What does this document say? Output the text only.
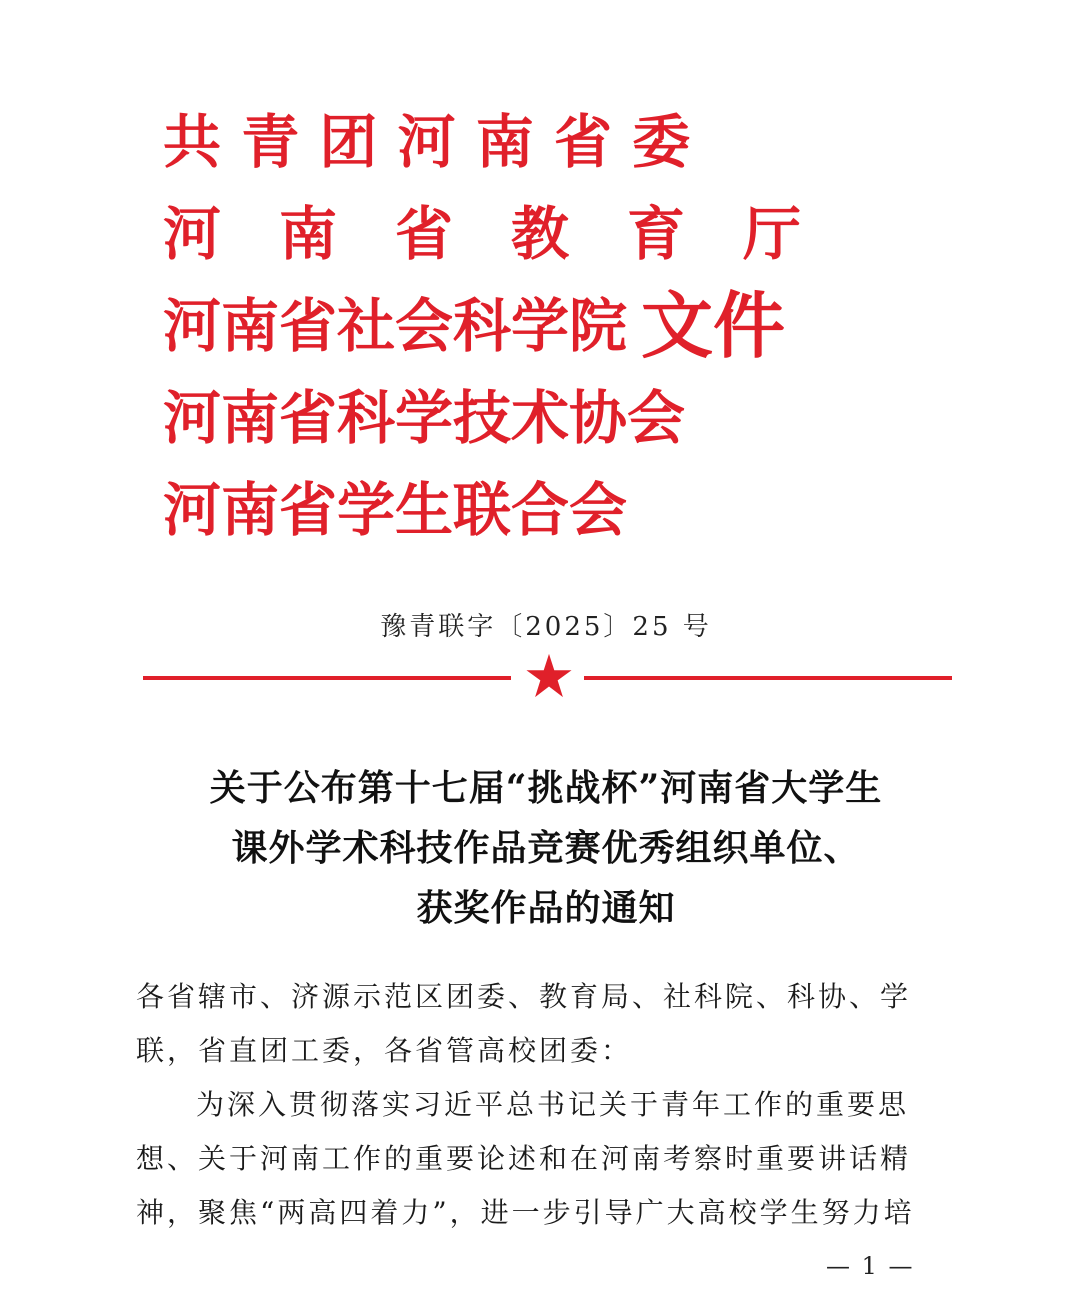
共 青 团 河 南 省 委
河　南　省　教　育　厅
河南省社会科学院 文件
河南省科学技术协会
河南省学生联合会
豫青联字〔2025〕25 号
关于公布第十七届“挑战杯”河南省大学生
课外学术科技作品竞赛优秀组织单位、
获奖作品的通知
各省辖市、济源示范区团委、教育局、社科院、科协、学
联，省直团工委，各省管高校团委：
为深入贯彻落实习近平总书记关于青年工作的重要思
想、关于河南工作的重要论述和在河南考察时重要讲话精
神，聚焦“两高四着力”，进一步引导广大高校学生努力培
— 1 —
